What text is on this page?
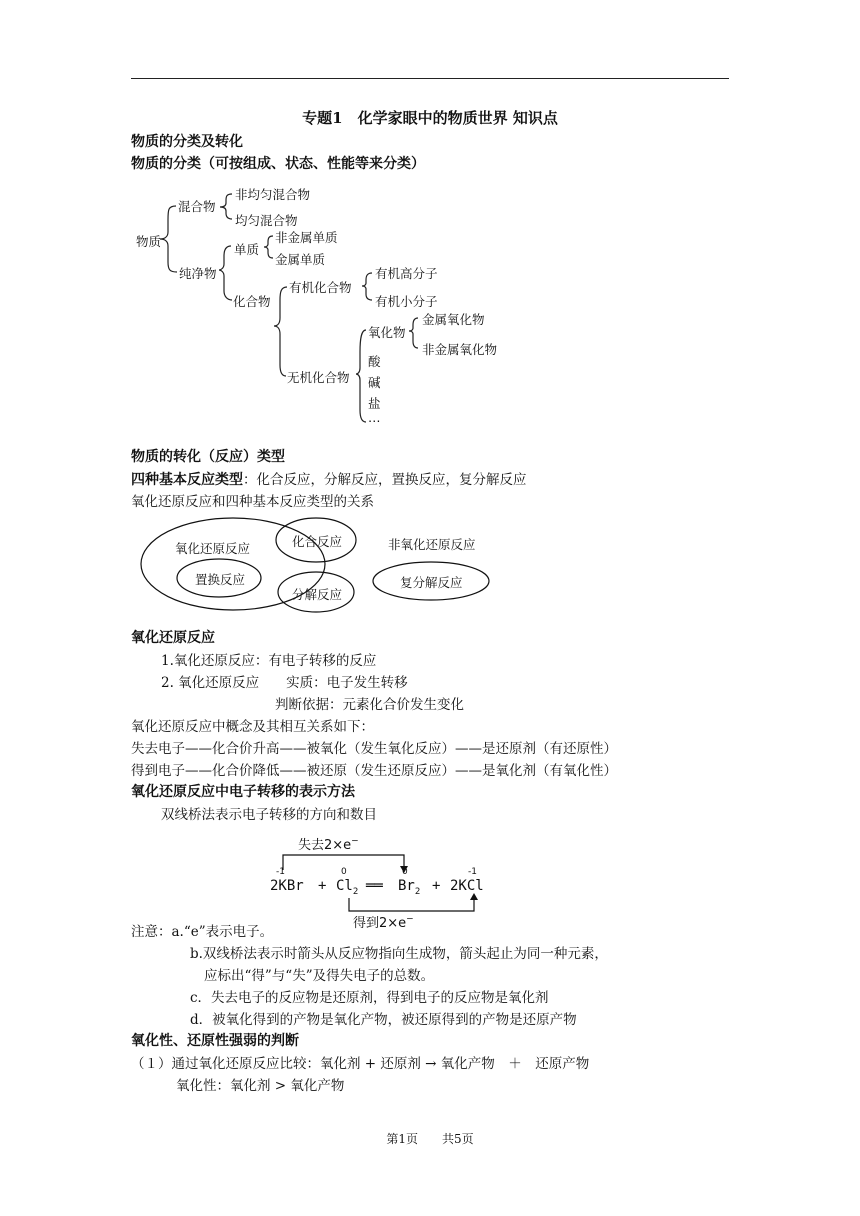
专题1　化学家眼中的物质世界 知识点
物质的分类及转化
物质的分类（可按组成、状态、性能等来分类）
物质
混合物
非均匀混合物
均匀混合物
纯净物
单质
非金属单质
金属单质
化合物
有机化合物
有机高分子
有机小分子
无机化合物
氧化物
金属氧化物
非金属氧化物
酸
碱
盐
…
物质的转化（反应）类型
四种基本反应类型：化合反应，分解反应，置换反应，复分解反应
氧化还原反应和四种基本反应类型的关系
氧化还原反应	化合反应
置换反应
分解反应
非氧化还原反应
复分解反应
氧化还原反应
1.氧化还原反应：有电子转移的反应
2. 氧化还原反应　　实质：电子发生转移
判断依据：元素化合价发生变化
氧化还原反应中概念及其相互关系如下：
失去电子——化合价升高——被氧化（发生氧化反应）——是还原剂（有还原性）
得到电子——化合价降低——被还原（发生还原反应）——是氧化剂（有氧化性）
氧化还原反应中电子转移的表示方法
双线桥法表示电子转移的方向和数目
失去2×e−
得到2×e−
-1	0	0	-1
$2KBr + Cl_2$ ══ $Br_2 + 2KCl$
注意：a.“e”表示电子。
b.双线桥法表示时箭头从反应物指向生成物，箭头起止为同一种元素，
应标出“得”与“失”及得失电子的总数。
c．失去电子的反应物是还原剂，得到电子的反应物是氧化剂
d．被氧化得到的产物是氧化产物，被还原得到的产物是还原产物
氧化性、还原性强弱的判断
（１）通过氧化还原反应比较：氧化剂 + 还原剂 → 氧化产物　＋　还原产物
氧化性：氧化剂 > 氧化产物
第1页　　共5页
